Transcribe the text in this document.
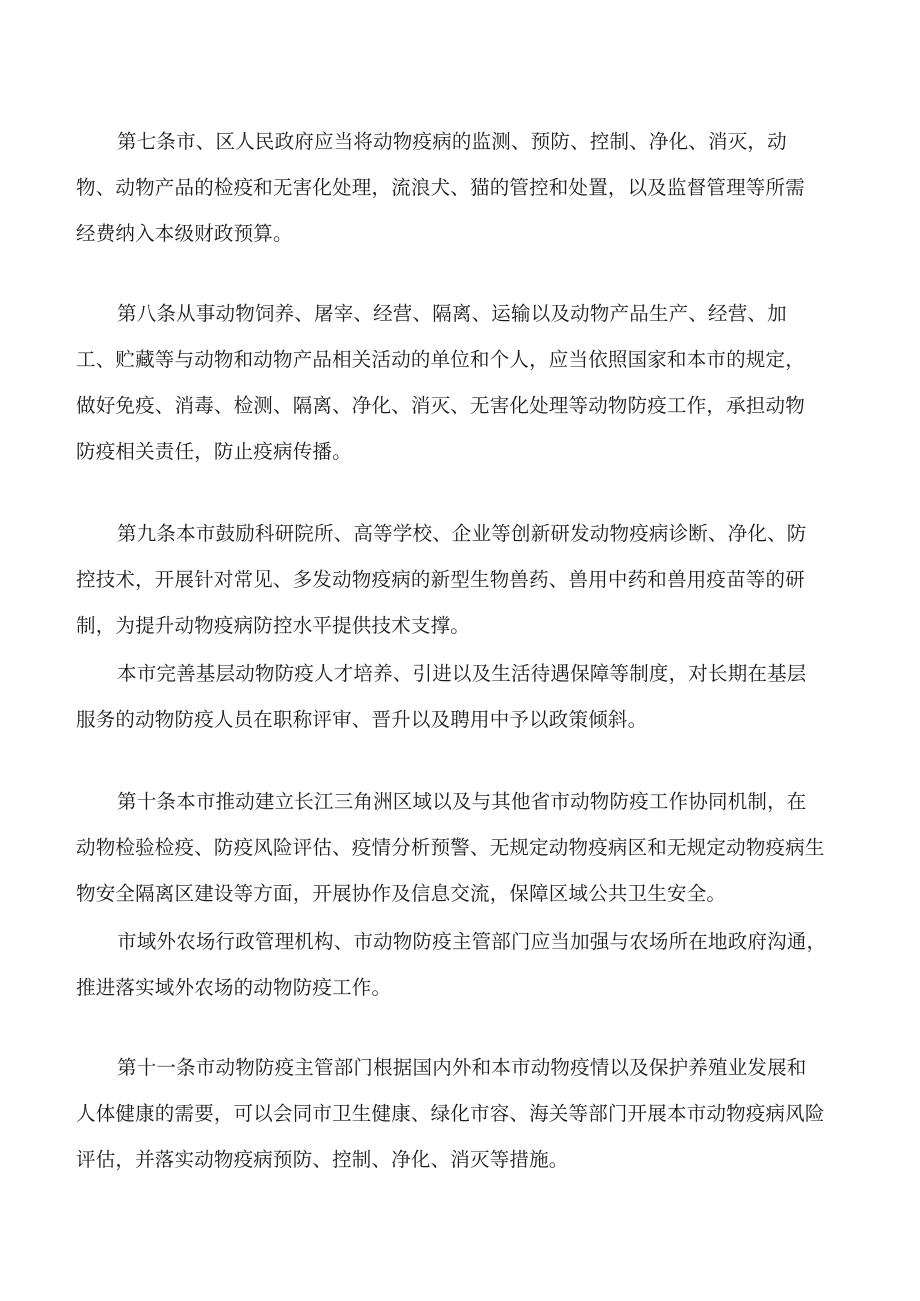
第七条市、区人民政府应当将动物疫病的监测、预防、控制、净化、消灭，动
物、动物产品的检疫和无害化处理，流浪犬、猫的管控和处置，以及监督管理等所需
经费纳入本级财政预算。
第八条从事动物饲养、屠宰、经营、隔离、运输以及动物产品生产、经营、加
工、贮藏等与动物和动物产品相关活动的单位和个人，应当依照国家和本市的规定，
做好免疫、消毒、检测、隔离、净化、消灭、无害化处理等动物防疫工作，承担动物
防疫相关责任，防止疫病传播。
第九条本市鼓励科研院所、高等学校、企业等创新研发动物疫病诊断、净化、防
控技术，开展针对常见、多发动物疫病的新型生物兽药、兽用中药和兽用疫苗等的研
制，为提升动物疫病防控水平提供技术支撑。
本市完善基层动物防疫人才培养、引进以及生活待遇保障等制度，对长期在基层
服务的动物防疫人员在职称评审、晋升以及聘用中予以政策倾斜。
第十条本市推动建立长江三角洲区域以及与其他省市动物防疫工作协同机制，在
动物检验检疫、防疫风险评估、疫情分析预警、无规定动物疫病区和无规定动物疫病生
物安全隔离区建设等方面，开展协作及信息交流，保障区域公共卫生安全。
市域外农场行政管理机构、市动物防疫主管部门应当加强与农场所在地政府沟通，
推进落实域外农场的动物防疫工作。
第十一条市动物防疫主管部门根据国内外和本市动物疫情以及保护养殖业发展和
人体健康的需要，可以会同市卫生健康、绿化市容、海关等部门开展本市动物疫病风险
评估，并落实动物疫病预防、控制、净化、消灭等措施。
